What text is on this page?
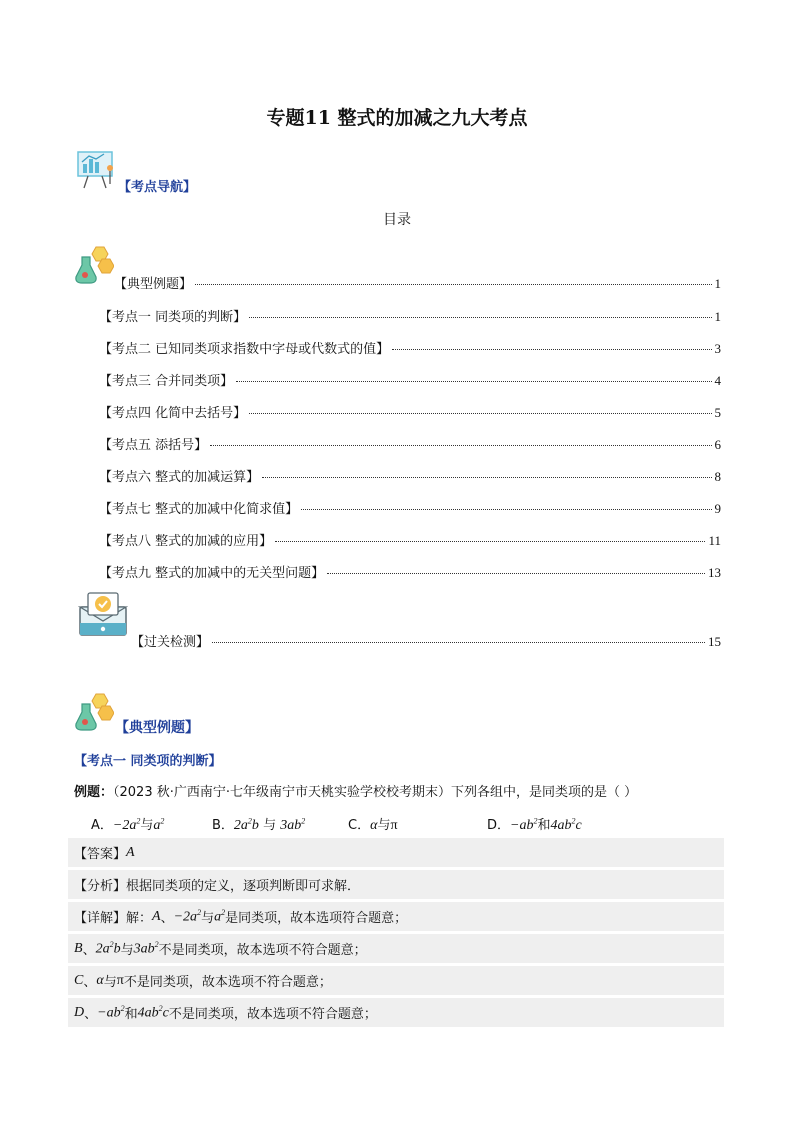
专题11 整式的加减之九大考点
【考点导航】
目录
【典型例题】	1
【考点一 同类项的判断】	1
【考点二 已知同类项求指数中字母或代数式的值】	3
【考点三 合并同类项】	4
【考点四 化简中去括号】	5
【考点五 添括号】	6
【考点六 整式的加减运算】	8
【考点七 整式的加减中化简求值】	9
【考点八 整式的加减的应用】	11
【考点九 整式的加减中的无关型问题】	13
【过关检测】	15
【典型例题】
【考点一 同类项的判断】
例题：（2023 秋·广西南宁·七年级南宁市天桃实验学校校考期末）下列各组中，是同类项的是（ ）
A．$-2a^2$与$a^2$	B．$2a^2b$ 与 $3ab^2$	C．α与π	D．$-ab^2$和$4ab^2c$
【答案】 A
【分析】 根据同类项的定义，逐项判断即可求解．
【详解】 解： A 、 $-2a^2$ 与 $a^2$ 是同类项，故本选项符合题意；
B 、 $2a^2b$ 与 $3ab^2$ 不是同类项，故本选项不符合题意；
C 、 α 与 π 不是同类项，故本选项不符合题意；
D 、 $-ab^2$ 和 $4ab^2c$ 不是同类项，故本选项不符合题意；
